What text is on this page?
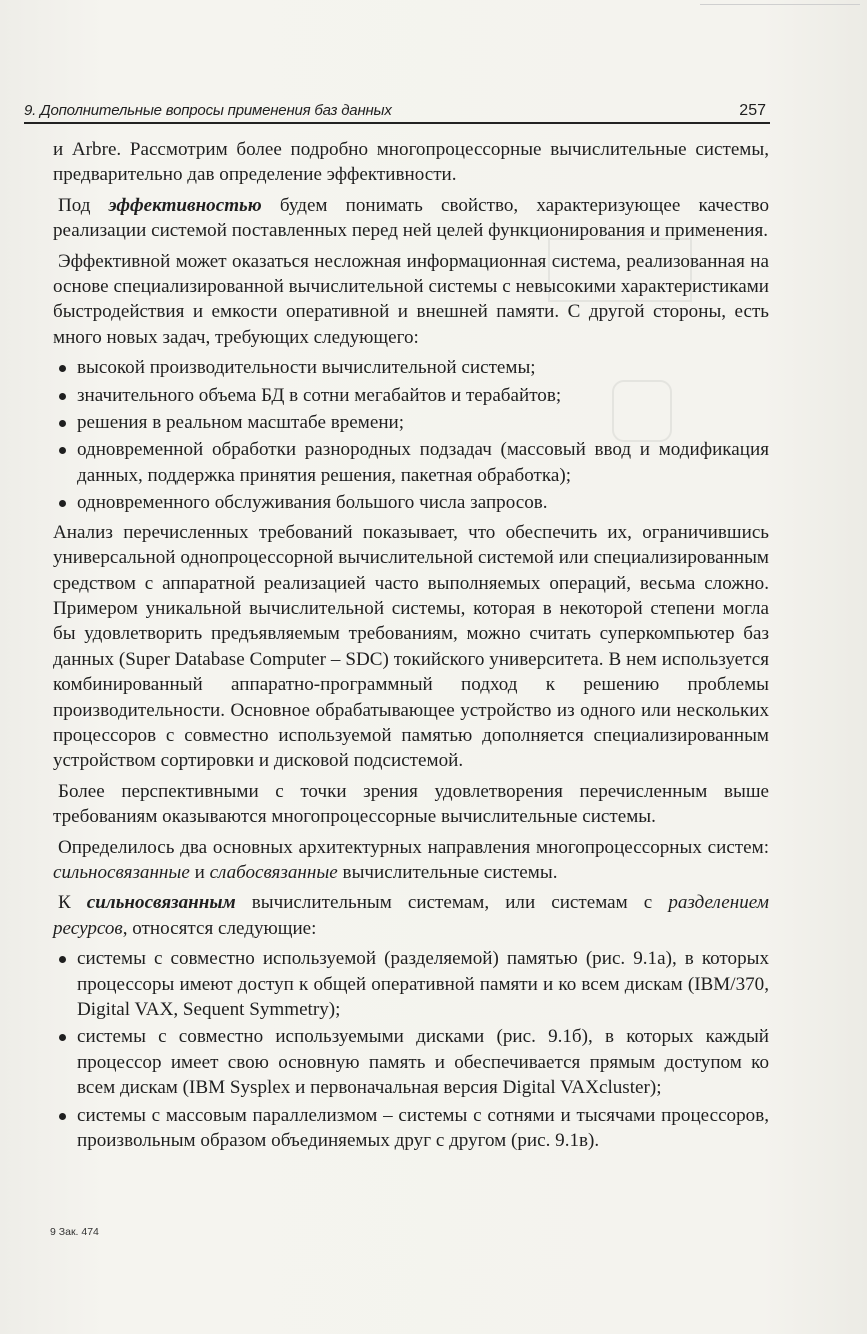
9. Дополнительные вопросы применения баз данных	257

и Arbre. Рассмотрим более подробно многопроцессорные вычислительные системы, предварительно дав определение эффективности.

Под эффективностью будем понимать свойство, характеризующее качество реализации системой поставленных перед ней целей функционирования и применения.

Эффективной может оказаться несложная информационная система, реализованная на основе специализированной вычислительной системы с невысокими характеристиками быстродействия и емкости оперативной и внешней памяти. С другой стороны, есть много новых задач, требующих следующего:

высокой производительности вычислительной системы;
значительного объема БД в сотни мегабайтов и терабайтов;
решения в реальном масштабе времени;
одновременной обработки разнородных подзадач (массовый ввод и модификация данных, поддержка принятия решения, пакетная обработка);
одновременного обслуживания большого числа запросов.

Анализ перечисленных требований показывает, что обеспечить их, ограничившись универсальной однопроцессорной вычислительной системой или специализированным средством с аппаратной реализацией часто выполняемых операций, весьма сложно. Примером уникальной вычислительной системы, которая в некоторой степени могла бы удовлетворить предъявляемым требованиям, можно считать суперкомпьютер баз данных (Super Database Computer – SDC) токийского университета. В нем используется комбинированный аппаратно-программный подход к решению проблемы производительности. Основное обрабатывающее устройство из одного или нескольких процессоров с совместно используемой памятью дополняется специализированным устройством сортировки и дисковой подсистемой.

Более перспективными с точки зрения удовлетворения перечисленным выше требованиям оказываются многопроцессорные вычислительные системы.

Определилось два основных архитектурных направления многопроцессорных систем: сильносвязанные и слабосвязанные вычислительные системы.

К сильносвязанным вычислительным системам, или системам с разделением ресурсов, относятся следующие:

системы с совместно используемой (разделяемой) памятью (рис. 9.1а), в которых процессоры имеют доступ к общей оперативной памяти и ко всем дискам (IBM/370, Digital VAX, Sequent Symmetry);
системы с совместно используемыми дисками (рис. 9.1б), в которых каждый процессор имеет свою основную память и обеспечивается прямым доступом ко всем дискам (IBM Sysplex и первоначальная версия Digital VAXcluster);
системы с массовым параллелизмом – системы с сотнями и тысячами процессоров, произвольным образом объединяемых друг с другом (рис. 9.1в).
9 Зак. 474
